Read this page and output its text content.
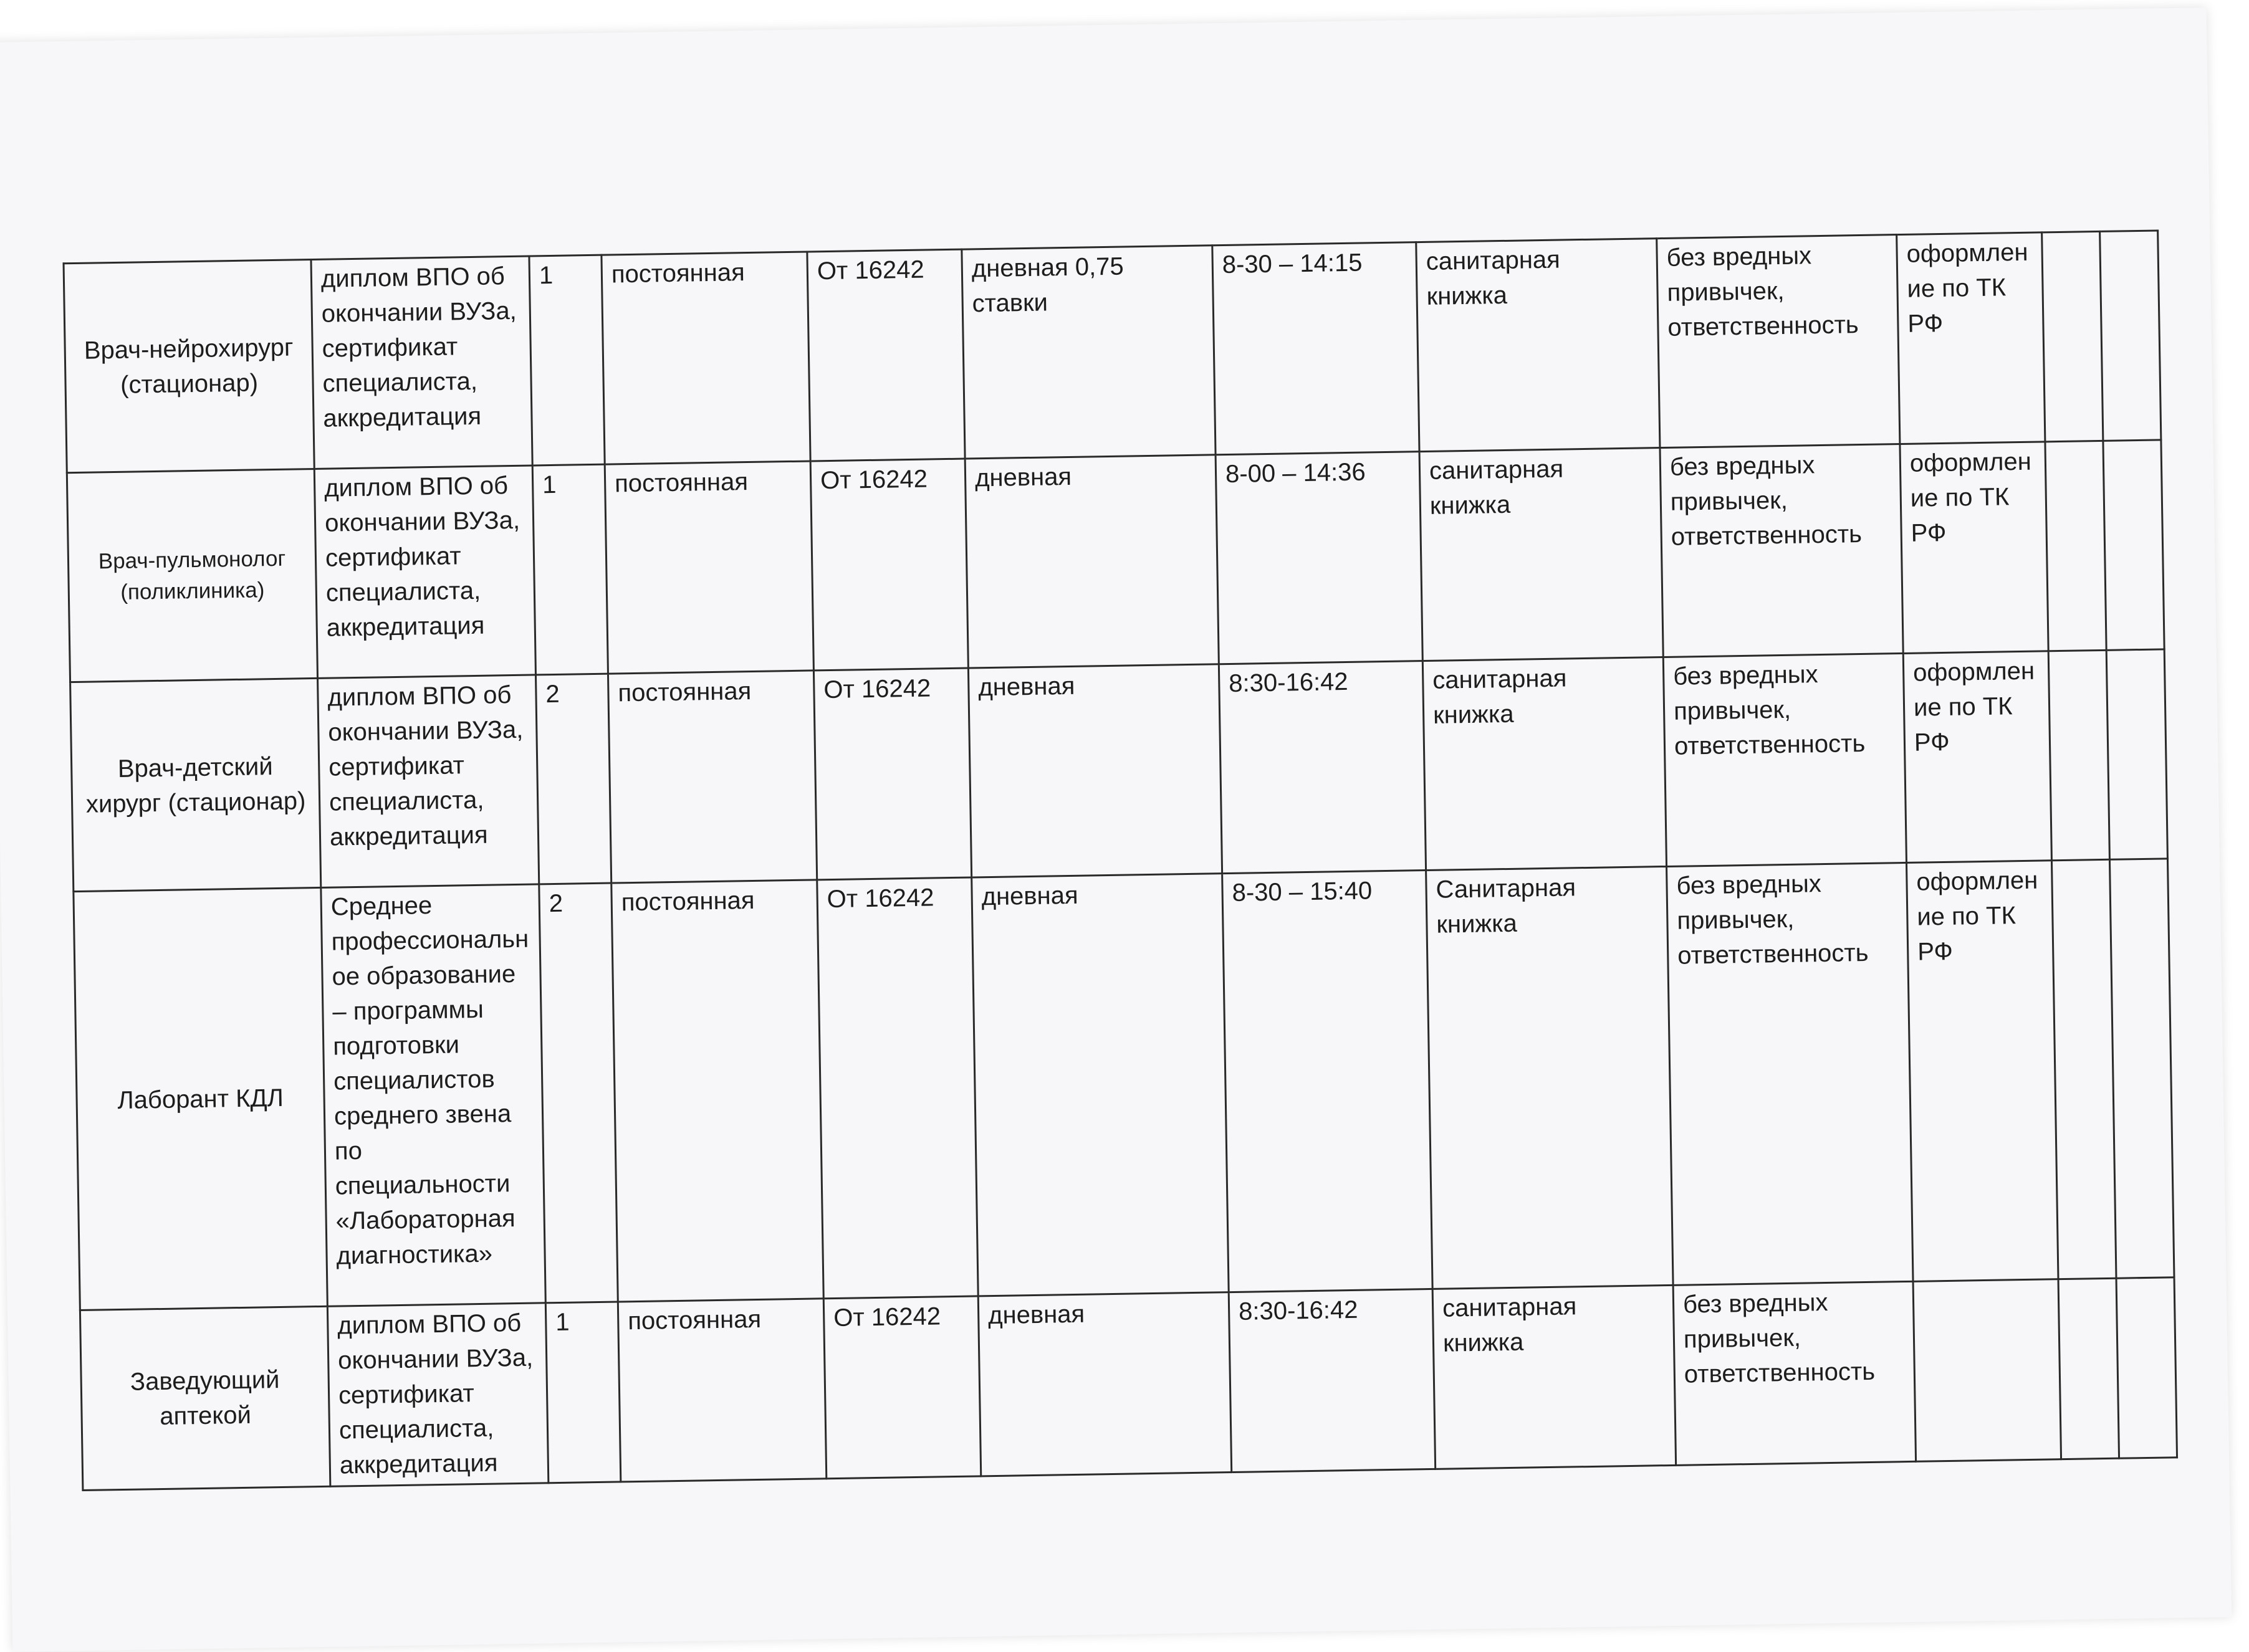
Врач-нейрохирург (стационар)	диплом ВПО об окончании ВУЗа, сертификат специалиста, аккредитация	1	постоянная	От 16242	дневная 0,75 ставки	8-30 – 14:15	санитарная книжка	без вредных привычек, ответственность	оформление по ТК РФ		
Врач-пульмонолог (поликлиника)	диплом ВПО об окончании ВУЗа, сертификат специалиста, аккредитация	1	постоянная	От 16242	дневная	8-00 – 14:36	санитарная книжка	без вредных привычек, ответственность	оформление по ТК РФ		
Врач-детский хирург (стационар)	диплом ВПО об окончании ВУЗа, сертификат специалиста, аккредитация	2	постоянная	От 16242	дневная	8:30-16:42	санитарная книжка	без вредных привычек, ответственность	оформление по ТК РФ		
Лаборант КДЛ	Среднее профессиональное образование – программы подготовки специалистов среднего звена по специальности «Лабораторная диагностика»	2	постоянная	От 16242	дневная	8-30 – 15:40	Санитарная книжка	без вредных привычек, ответственность	оформление по ТК РФ		
Заведующий аптекой	диплом ВПО об окончании ВУЗа, сертификат специалиста, аккредитация	1	постоянная	От 16242	дневная	8:30-16:42	санитарная книжка	без вредных привычек, ответственность			
